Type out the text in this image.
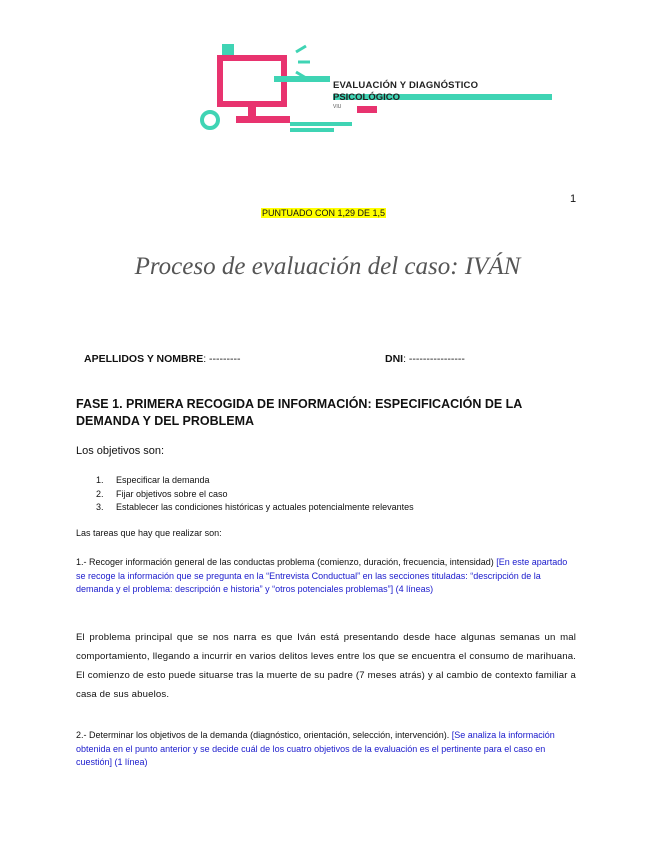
EVALUACIÓN Y DIAGNÓSTICO
PSICOLÓGICO
VIU
1
PUNTUADO CON 1,29 DE 1,5
Proceso de evaluación del caso: IVÁN
APELLIDOS Y NOMBRE: ---------	DNI: ----------------
FASE 1. PRIMERA RECOGIDA DE INFORMACIÓN: ESPECIFICACIÓN DE LA DEMANDA Y DEL PROBLEMA
Los objetivos son:
1. Especificar la demanda
2. Fijar objetivos sobre el caso
3. Establecer las condiciones históricas y actuales potencialmente relevantes
Las tareas que hay que realizar son:
1.- Recoger información general de las conductas problema (comienzo, duración, frecuencia, intensidad) [En este apartado se recoge la información que se pregunta en la “Entrevista Conductual” en las secciones tituladas: “descripción de la demanda y el problema: descripción e historia” y “otros potenciales problemas”] (4 líneas)
El problema principal que se nos narra es que Iván está presentando desde hace algunas semanas un mal comportamiento, llegando a incurrir en varios delitos leves entre los que se encuentra el consumo de marihuana. El comienzo de esto puede situarse tras la muerte de su padre (7 meses atrás) y al cambio de contexto familiar a casa de sus abuelos.
2.- Determinar los objetivos de la demanda (diagnóstico, orientación, selección, intervención). [Se analiza la información obtenida en el punto anterior y se decide cuál de los cuatro objetivos de la evaluación es el pertinente para el caso en cuestión] (1 línea)
